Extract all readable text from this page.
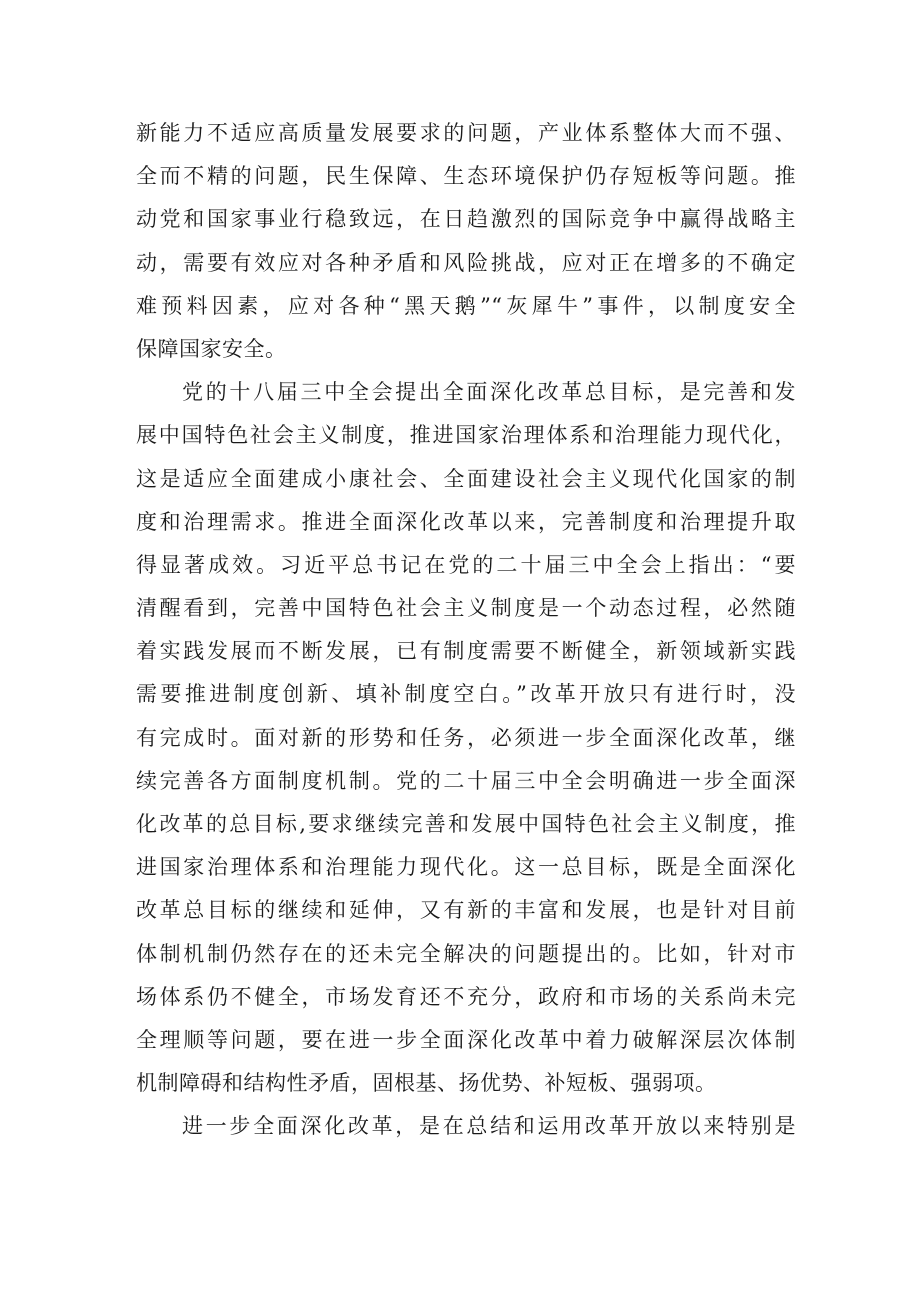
新能力不适应高质量发展要求的问题，产业体系整体大而不强、
全而不精的问题，民生保障、生态环境保护仍存短板等问题。推
动党和国家事业行稳致远，在日趋激烈的国际竞争中赢得战略主
动，需要有效应对各种矛盾和风险挑战，应对正在增多的不确定
难预料因素，应对各种“黑天鹅”“灰犀牛”事件，以制度安全
保障国家安全。
党的十八届三中全会提出全面深化改革总目标，是完善和发
展中国特色社会主义制度，推进国家治理体系和治理能力现代化，
这是适应全面建成小康社会、全面建设社会主义现代化国家的制
度和治理需求。推进全面深化改革以来，完善制度和治理提升取
得显著成效。习近平总书记在党的二十届三中全会上指出：“要
清醒看到，完善中国特色社会主义制度是一个动态过程，必然随
着实践发展而不断发展，已有制度需要不断健全，新领域新实践
需要推进制度创新、填补制度空白。”改革开放只有进行时，没
有完成时。面对新的形势和任务，必须进一步全面深化改革，继
续完善各方面制度机制。党的二十届三中全会明确进一步全面深
化改革的总目标,要求继续完善和发展中国特色社会主义制度，推
进国家治理体系和治理能力现代化。这一总目标，既是全面深化
改革总目标的继续和延伸，又有新的丰富和发展，也是针对目前
体制机制仍然存在的还未完全解决的问题提出的。比如，针对市
场体系仍不健全，市场发育还不充分，政府和市场的关系尚未完
全理顺等问题，要在进一步全面深化改革中着力破解深层次体制
机制障碍和结构性矛盾，固根基、扬优势、补短板、强弱项。
进一步全面深化改革，是在总结和运用改革开放以来特别是
